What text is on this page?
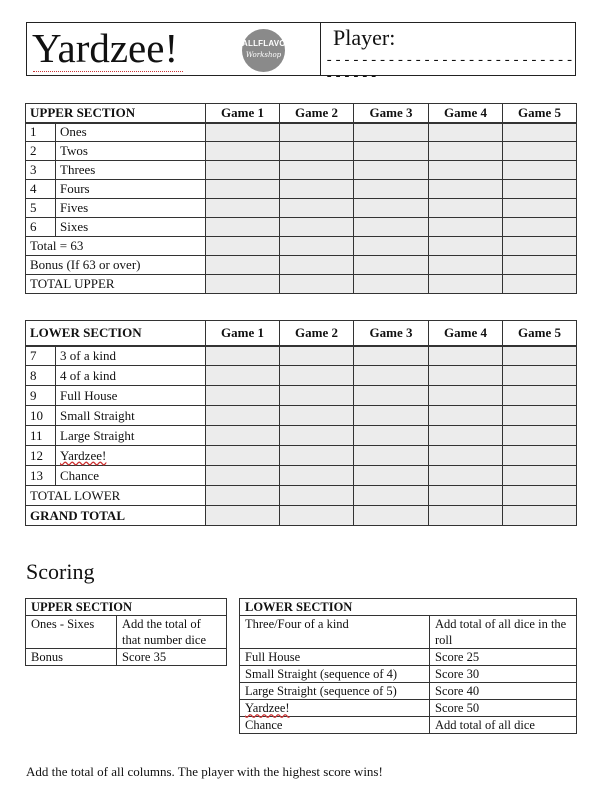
Yardzee!	ALLFLAVOR
Workshop
Player:
----------------------------------
UPPER SECTION		Game 1	Game 2	Game 3	Game 4	Game 5
1	Ones					
2	Twos					
3	Threes					
4	Fours					
5	Fives					
6	Sixes					
Total = 63						
Bonus (If 63 or over)						
TOTAL UPPER						
LOWER SECTION		Game 1	Game 2	Game 3	Game 4	Game 5
7	3 of a kind					
8	4 of a kind					
9	Full House					
10	Small Straight					
11	Large Straight					
12	Yardzee!					
13	Chance					
TOTAL LOWER						
GRAND TOTAL						
Scoring
UPPER SECTION	
Ones - Sixes	Add the total of that number dice
Bonus	Score 35
LOWER SECTION	
Three/Four of a kind	Add total of all dice in the roll
Full House	Score 25
Small Straight (sequence of 4)	Score 30
Large Straight (sequence of 5)	Score 40
Yardzee!	Score 50
Chance	Add total of all dice
Add the total of all columns. The player with the highest score wins!
